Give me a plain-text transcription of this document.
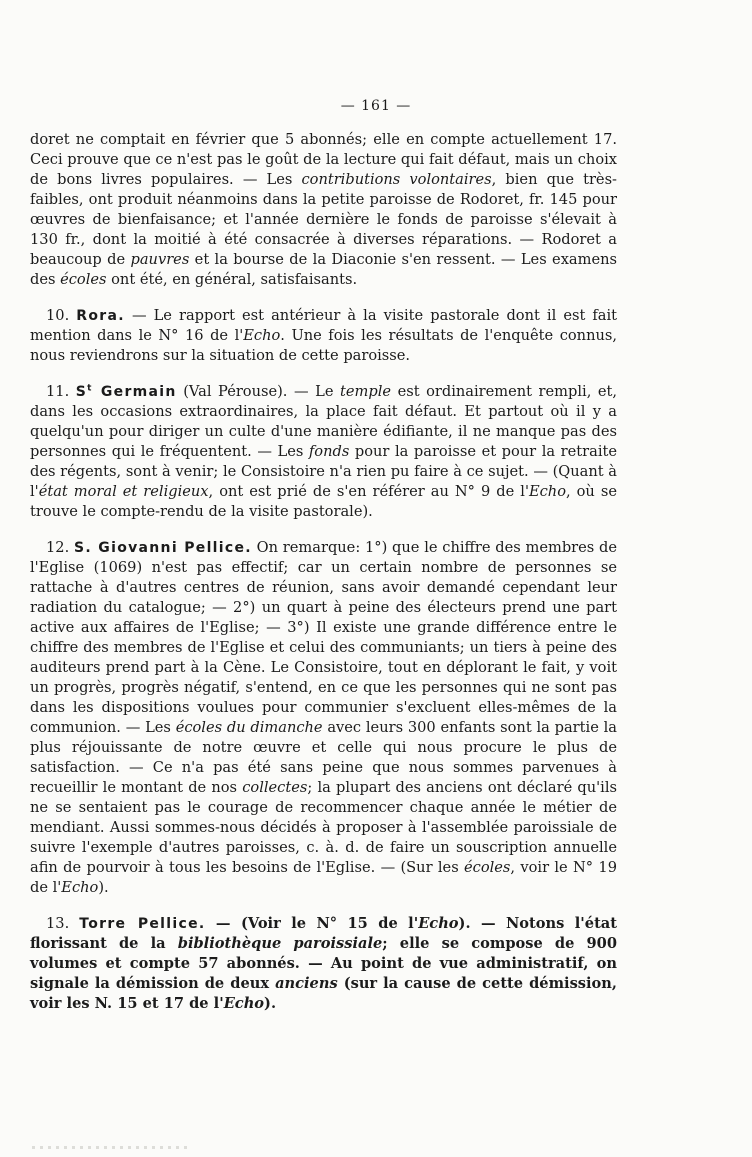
— 161 —

doret ne comptait en février que 5 abonnés; elle en compte actuellement 17. Ceci prouve que ce n'est pas le goût de la lecture qui fait défaut, mais un choix de bons livres populaires. — Les contributions volontaires, bien que très-faibles, ont produit néanmoins dans la petite paroisse de Rodoret, fr. 145 pour œuvres de bienfaisance; et l'année dernière le fonds de paroisse s'élevait à 130 fr., dont la moitié à été consacrée à diverses réparations. — Rodoret a beaucoup de pauvres et la bourse de la Diaconie s'en ressent. — Les examens des écoles ont été, en général, satisfaisants.

10. Rora. — Le rapport est antérieur à la visite pastorale dont il est fait mention dans le N° 16 de l'Echo. Une fois les résultats de l'enquête connus, nous reviendrons sur la situation de cette paroisse.

11. $S^t$ Germain (Val Pérouse). — Le temple est ordinairement rempli, et, dans les occasions extraordinaires, la place fait défaut. Et partout où il y a quelqu'un pour diriger un culte d'une manière édifiante, il ne manque pas des personnes qui le fréquentent. — Les fonds pour la paroisse et pour la retraite des régents, sont à venir; le Consistoire n'a rien pu faire à ce sujet. — (Quant à l'état moral et religieux, ont est prié de s'en référer au N° 9 de l'Echo, où se trouve le compte-rendu de la visite pastorale).

12. S. Giovanni Pellice. On remarque: 1°) que le chiffre des membres de l'Eglise (1069) n'est pas effectif; car un certain nombre de personnes se rattache à d'autres centres de réunion, sans avoir demandé cependant leur radiation du catalogue; — 2°) un quart à peine des électeurs prend une part active aux affaires de l'Eglise; — 3°) Il existe une grande différence entre le chiffre des membres de l'Eglise et celui des communiants; un tiers à peine des auditeurs prend part à la Cène. Le Consistoire, tout en déplorant le fait, y voit un progrès, progrès négatif, s'entend, en ce que les personnes qui ne sont pas dans les dispositions voulues pour communier s'excluent elles-mêmes de la communion. — Les écoles du dimanche avec leurs 300 enfants sont la partie la plus réjouissante de notre œuvre et celle qui nous procure le plus de satisfaction. — Ce n'a pas été sans peine que nous sommes parvenues à recueillir le montant de nos collectes; la plupart des anciens ont déclaré qu'ils ne se sentaient pas le courage de recommencer chaque année le métier de mendiant. Aussi sommes-nous décidés à proposer à l'assemblée paroissiale de suivre l'exemple d'autres paroisses, c. à. d. de faire un souscription annuelle afin de pourvoir à tous les besoins de l'Eglise. — (Sur les écoles, voir le N° 19 de l'Echo).

13. Torre Pellice. — (Voir le N° 15 de l'Echo). — Notons l'état florissant de la bibliothèque paroissiale; elle se compose de 900 volumes et compte 57 abonnés. — Au point de vue administratif, on signale la démission de deux anciens (sur la cause de cette démission, voir les N. 15 et 17 de l'Echo).
